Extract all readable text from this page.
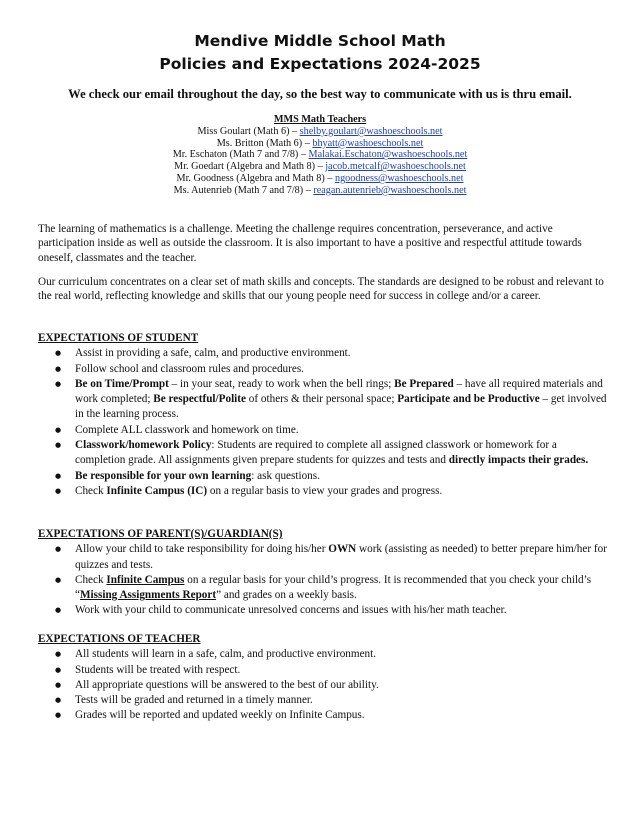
Mendive Middle School Math
Policies and Expectations 2024-2025
We check our email throughout the day, so the best way to communicate with us is thru email.
MMS Math Teachers
Miss Goulart (Math 6) – shelby.goulart@washoeschools.net
Ms. Britton (Math 6) – bhyatt@washoeschools.net
Mr. Eschaton (Math 7 and 7/8) – Malakai.Eschaton@washoeschools.net
Mr. Goedart (Algebra and Math 8) – jacob.metcalf@washoeschools.net
Mr. Goodness (Algebra and Math 8) – ngoodness@washoeschools.net
Ms. Autenrieb (Math 7 and 7/8) – reagan.autenrieb@washoeschools.net
The learning of mathematics is a challenge. Meeting the challenge requires concentration, perseverance, and active participation inside as well as outside the classroom. It is also important to have a positive and respectful attitude towards oneself, classmates and the teacher.
Our curriculum concentrates on a clear set of math skills and concepts. The standards are designed to be robust and relevant to the real world, reflecting knowledge and skills that our young people need for success in college and/or a career.

EXPECTATIONS OF STUDENT

● Assist in providing a safe, calm, and productive environment.
● Follow school and classroom rules and procedures.
● Be on Time/Prompt – in your seat, ready to work when the bell rings; Be Prepared – have all required materials and work completed; Be respectful/Polite of others & their personal space; Participate and be Productive – get involved in the learning process.
● Complete ALL classwork and homework on time.
● Classwork/homework Policy: Students are required to complete all assigned classwork or homework for a completion grade. All assignments given prepare students for quizzes and tests and directly impacts their grades.
● Be responsible for your own learning: ask questions.
● Check Infinite Campus (IC) on a regular basis to view your grades and progress.

EXPECTATIONS OF PARENT(S)/GUARDIAN(S)

● Allow your child to take responsibility for doing his/her OWN work (assisting as needed) to better prepare him/her for quizzes and tests.
● Check Infinite Campus on a regular basis for your child’s progress. It is recommended that you check your child’s “Missing Assignments Report” and grades on a weekly basis.
● Work with your child to communicate unresolved concerns and issues with his/her math teacher.

EXPECTATIONS OF TEACHER

● All students will learn in a safe, calm, and productive environment.
● Students will be treated with respect.
● All appropriate questions will be answered to the best of our ability.
● Tests will be graded and returned in a timely manner.
● Grades will be reported and updated weekly on Infinite Campus.
